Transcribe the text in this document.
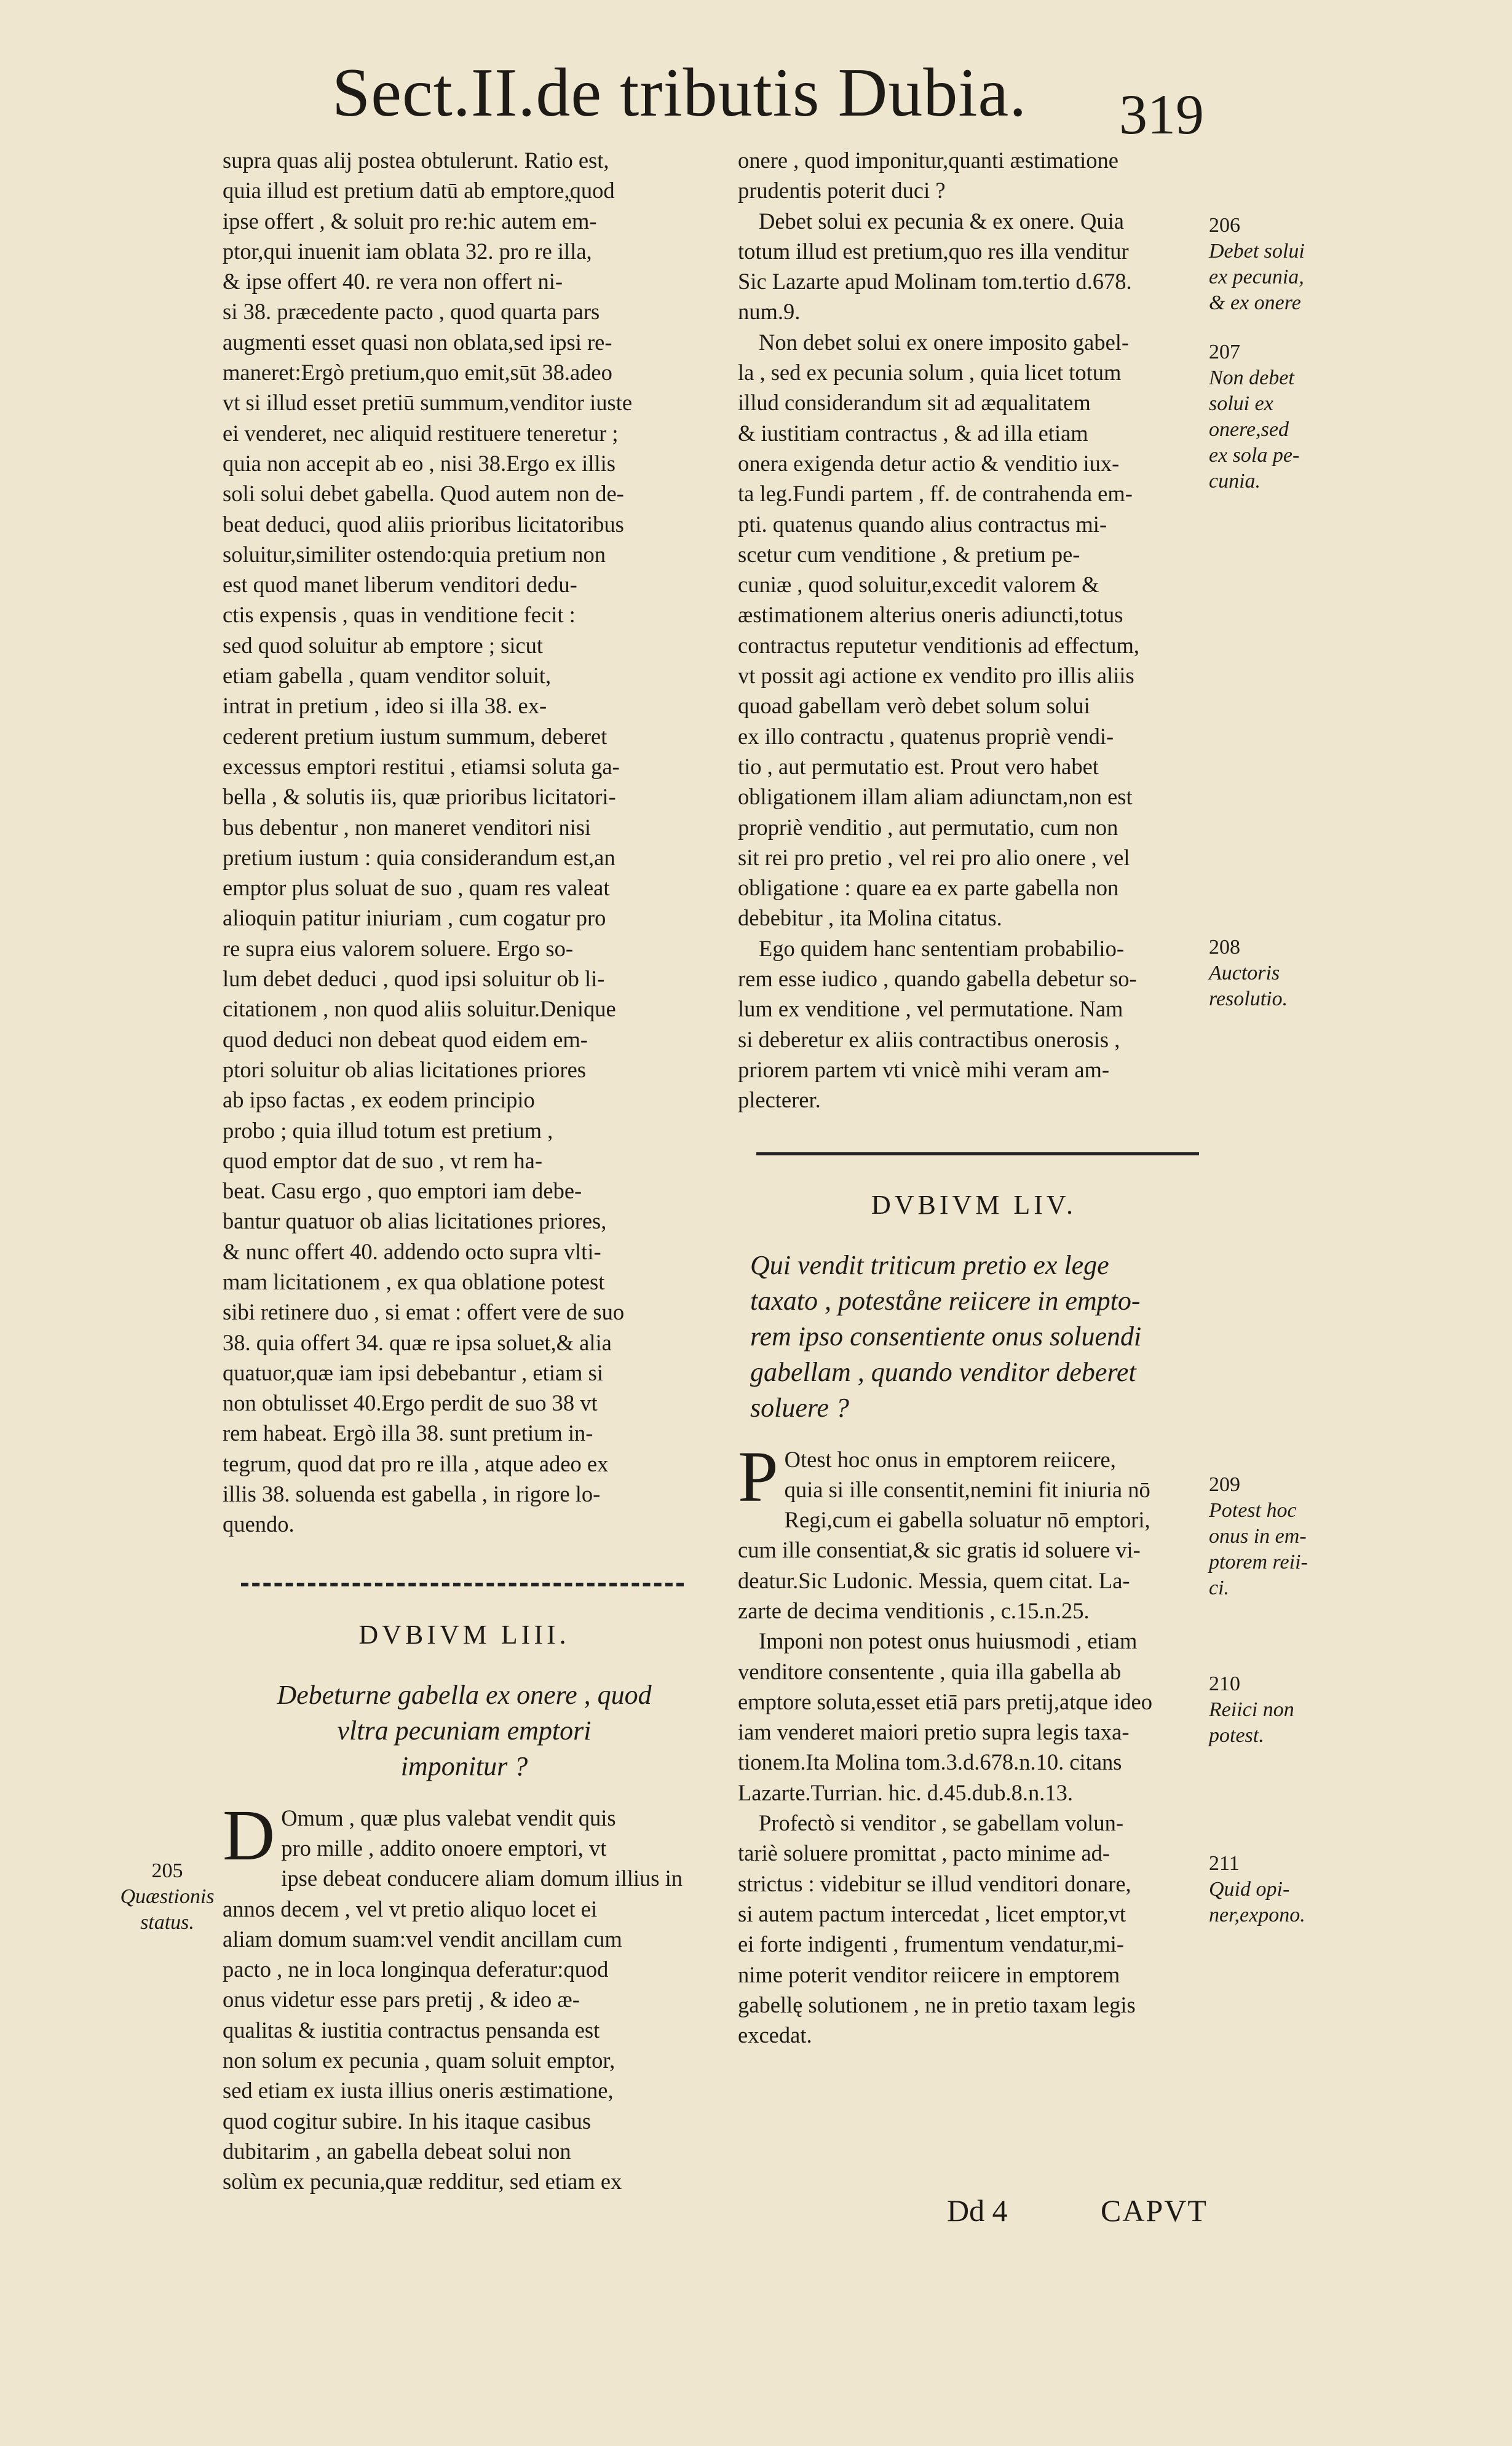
Sect.II.de tributis Dubia. 319

supra quas alij postea obtulerunt. Ratio est,
quia illud est pretium datū ab emptore,̣quod
ipse offert , & soluit pro re:hic autem em-
ptor,qui inuenit iam oblata 32. pro re illa,
& ipse offert 40. re vera non offert ni-
si 38. præcedente pacto , quod quarta pars
augmenti esset quasi non oblata,sed ipsi re-
maneret:Ergò pretium,quo emit,sūt 38.adeo
vt si illud esset pretiū summum,venditor iuste
ei venderet, nec aliquid restituere teneretur ;
quia non accepit ab eo , nisi 38.Ergo ex illis
soli solui debet gabella. Quod autem non de-
beat deduci, quod aliis prioribus licitatoribus
soluitur,similiter ostendo:quia pretium non
est quod manet liberum venditori dedu-
ctis expensis , quas in venditione fecit :
sed quod soluitur ab emptore ; sicut
etiam gabella , quam venditor soluit,
intrat in pretium , ideo si illa 38. ex-
cederent pretium iustum summum, deberet
excessus emptori restitui , etiamsi soluta ga-
bella , & solutis iis, quæ prioribus licitatori-
bus debentur , non maneret venditori nisi
pretium iustum : quia considerandum est,an
emptor plus soluat de suo , quam res valeat
alioquin patitur iniuriam , cum cogatur pro
re supra eius valorem soluere. Ergo so-
lum debet deduci , quod ipsi soluitur ob li-
citationem , non quod aliis soluitur.Denique
quod deduci non debeat quod eidem em-
ptori soluitur ob alias licitationes priores
ab ipso factas , ex eodem principio
probo ; quia illud totum est pretium ,
quod emptor dat de suo , vt rem ha-
beat. Casu ergo , quo emptori iam debe-
bantur quatuor ob alias licitationes priores,
& nunc offert 40. addendo octo supra vlti-
mam licitationem , ex qua oblatione potest
sibi retinere duo , si emat : offert vere de suo
38. quia offert 34. quæ re ipsa soluet,& alia
quatuor,quæ iam ipsi debebantur , etiam si
non obtulisset 40.Ergo perdit de suo 38 vt
rem habeat. Ergò illa 38. sunt pretium in-
tegrum, quod dat pro re illa , atque adeo ex
illis 38. soluenda est gabella , in rigore lo-
quendo.

DVBIVM LIII.
Debeturne gabella ex onere , quod
vltra pecuniam emptori
imponitur ?

D Omum , quæ plus valebat vendit quis
pro mille , addito onoere emptori, vt
ipse debeat conducere aliam domum illius in
annos decem , vel vt pretio aliquo locet ei
aliam domum suam:vel vendit ancillam cum
pacto , ne in loca longinqua deferatur:quod
onus videtur esse pars pretij , & ideo æ-
qualitas & iustitia contractus pensanda est
non solum ex pecunia , quam soluit emptor,
sed etiam ex iusta illius oneris æstimatione,
quod cogitur subire. In his itaque casibus
dubitarim , an gabella debeat solui non
solùm ex pecunia,quæ redditur, sed etiam ex

onere , quod imponitur,quanti æstimatione
prudentis poterit duci ?

Debet solui ex pecunia & ex onere. Quia
totum illud est pretium,quo res illa venditur
Sic Lazarte apud Molinam tom.tertio d.678.
num.9.

Non debet solui ex onere imposito gabel-
la , sed ex pecunia solum , quia licet totum
illud considerandum sit ad æqualitatem
& iustitiam contractus , & ad illa etiam
onera exigenda detur actio & venditio iux-
ta leg.Fundi partem , ff. de contrahenda em-
pti. quatenus quando alius contractus mi-
scetur cum venditione , & pretium pe-
cuniæ , quod soluitur,excedit valorem &
æstimationem alterius oneris adiuncti,totus
contractus reputetur venditionis ad effectum,
vt possit agi actione ex vendito pro illis aliis
quoad gabellam verò debet solum solui
ex illo contractu , quatenus propriè vendi-
tio , aut permutatio est. Prout vero habet
obligationem illam aliam adiunctam,non est
propriè venditio , aut permutatio, cum non
sit rei pro pretio , vel rei pro alio onere , vel
obligatione : quare ea ex parte gabella non
debebitur , ita Molina citatus.

Ego quidem hanc sententiam probabilio-
rem esse iudico , quando gabella debetur so-
lum ex venditione , vel permutatione. Nam
si deberetur ex aliis contractibus onerosis ,
priorem partem vti vnicè mihi veram am-
plecterer.

DVBIVM LIV.
Qui vendit triticum pretio ex lege
taxato , poteståne reiicere in empto-
rem ipso consentiente onus soluendi
gabellam , quando venditor deberet
soluere ?

P Otest hoc onus in emptorem reiicere,
quia si ille consentit,nemini fit iniuria nō
Regi,cum ei gabella soluatur nō emptori,
cum ille consentiat,& sic gratis id soluere vi-
deatur.Sic Ludonic. Messia, quem citat. La-
zarte de decima venditionis , c.15.n.25.

Imponi non potest onus huiusmodi , etiam
venditore consentente , quia illa gabella ab
emptore soluta,esset etiā pars pretij,atque ideo
iam venderet maiori pretio supra legis taxa-
tionem.Ita Molina tom.3.d.678.n.10. citans
Lazarte.Turrian. hic. d.45.dub.8.n.13.

Profectò si venditor , se gabellam volun-
tariè soluere promittat , pacto minime ad-
strictus : videbitur se illud venditori donare,
si autem pactum intercedat , licet emptor,vt
ei forte indigenti , frumentum vendatur,mi-
nime poterit venditor reiicere in emptorem
gabellę solutionem , ne in pretio taxam legis
excedat.

205
Quæstionis
status.
206
Debet solui
ex pecunia,
& ex onere
207
Non debet
solui ex
onere,sed
ex sola pe-
cunia.
208
Auctoris
resolutio.
209
Potest hoc
onus in em-
ptorem reii-
ci.
210
Reiici non
potest.
211
Quid opi-
ner,expono.
Dd 4	CAPVT
